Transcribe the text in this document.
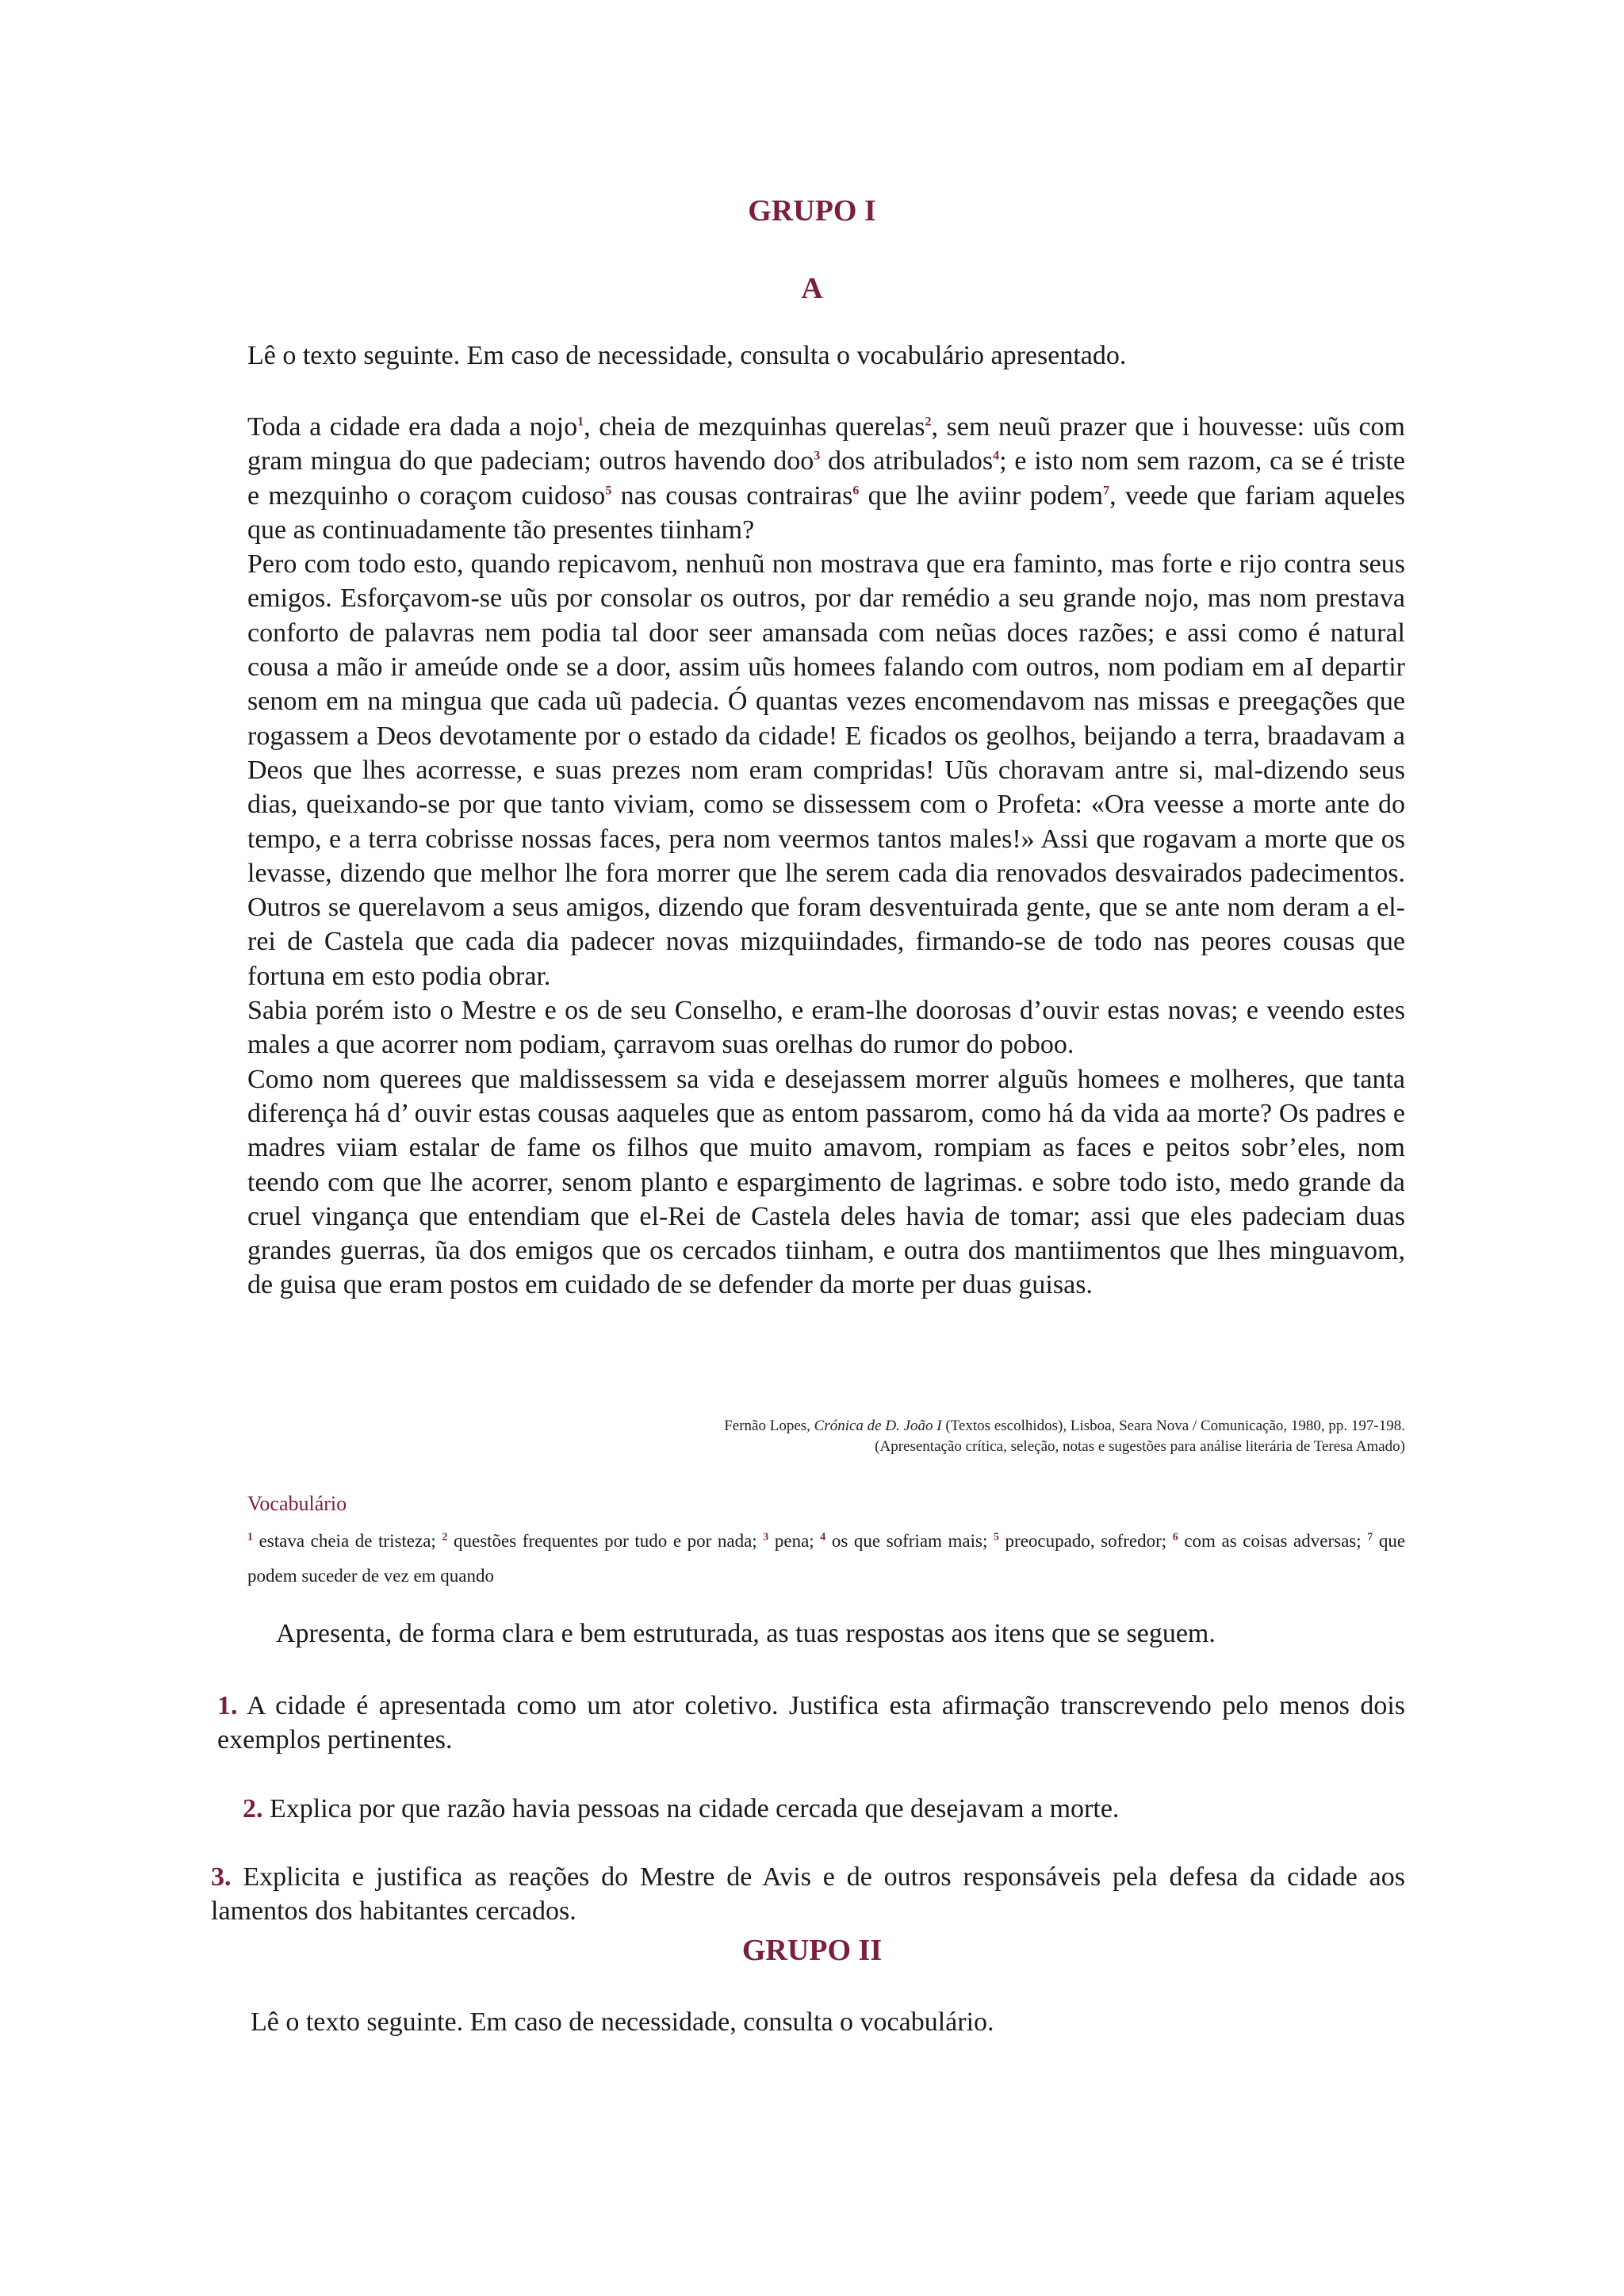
GRUPO I
A
Lê o texto seguinte. Em caso de necessidade, consulta o vocabulário apresentado.

Toda a cidade era dada a nojo$^1$, cheia de mezquinhas querelas$^2$, sem neuũ prazer que i houvesse: uũs com gram mingua do que padeciam; outros havendo doo$^3$ dos atribulados$^4$; e isto nom sem razom, ca se é triste e mezquinho o coraçom cuidoso$^5$ nas cousas contrairas$^6$ que lhe aviinr podem$^7$, veede que fariam aqueles que as continuadamente tão presentes tiinham?

Pero com todo esto, quando repicavom, nenhuũ non mostrava que era faminto, mas forte e rijo contra seus emigos. Esforçavom-se uũs por consolar os outros, por dar remédio a seu grande nojo, mas nom prestava conforto de palavras nem podia tal door seer amansada com neũas doces razões; e assi como é natural cousa a mão ir ameúde onde se a door, assim uũs homees falando com outros, nom podiam em aI departir senom em na mingua que cada uũ padecia. Ó quantas vezes encomendavom nas missas e preegações que rogassem a Deos devotamente por o estado da cidade! E ficados os geolhos, beijando a terra, braadavam a Deos que lhes acorresse, e suas prezes nom eram compridas! Uũs choravam antre si, mal-dizendo seus dias, queixando-se por que tanto viviam, como se dissessem com o Profeta: «Ora veesse a morte ante do tempo, e a terra cobrisse nossas faces, pera nom veermos tantos males!» Assi que rogavam a morte que os levasse, dizendo que melhor lhe fora morrer que lhe serem cada dia renovados desvairados padecimentos. Outros se querelavom a seus amigos, dizendo que foram desventuirada gente, que se ante nom deram a el-rei de Castela que cada dia padecer novas mizquiindades, firmando-se de todo nas peores cousas que fortuna em esto podia obrar.

Sabia porém isto o Mestre e os de seu Conselho, e eram-lhe doorosas d’ouvir estas novas; e veendo estes males a que acorrer nom podiam, çarravom suas orelhas do rumor do poboo.

Como nom querees que maldissessem sa vida e desejassem morrer alguũs homees e molheres, que tanta diferença há d’ ouvir estas cousas aaqueles que as entom passarom, como há da vida aa morte? Os padres e madres viiam estalar de fame os filhos que muito amavom, rompiam as faces e peitos sobr’eles, nom teendo com que lhe acorrer, senom planto e espargimento de lagrimas. e sobre todo isto, medo grande da cruel vingança que entendiam que el-Rei de Castela deles havia de tomar; assi que eles padeciam duas grandes guerras, ũa dos emigos que os cercados tiinham, e outra dos mantiimentos que lhes minguavom, de guisa que eram postos em cuidado de se defender da morte per duas guisas.

Fernão Lopes, Crónica de D. João I (Textos escolhidos), Lisboa, Seara Nova / Comunicação, 1980, pp. 197-198.
(Apresentação crítica, seleção, notas e sugestões para análise literária de Teresa Amado)
Vocabulário
$^1$ estava cheia de tristeza; $^2$ questões frequentes por tudo e por nada; $^3$ pena; $^4$ os que sofriam mais; $^5$ preocupado, sofredor; $^6$ com as coisas adversas; $^7$ que podem suceder de vez em quando
Apresenta, de forma clara e bem estruturada, as tuas respostas aos itens que se seguem.
1. A cidade é apresentada como um ator coletivo. Justifica esta afirmação transcrevendo pelo menos dois exemplos pertinentes.
2. Explica por que razão havia pessoas na cidade cercada que desejavam a morte.
3. Explicita e justifica as reações do Mestre de Avis e de outros responsáveis pela defesa da cidade aos lamentos dos habitantes cercados.
GRUPO II
Lê o texto seguinte. Em caso de necessidade, consulta o vocabulário.
